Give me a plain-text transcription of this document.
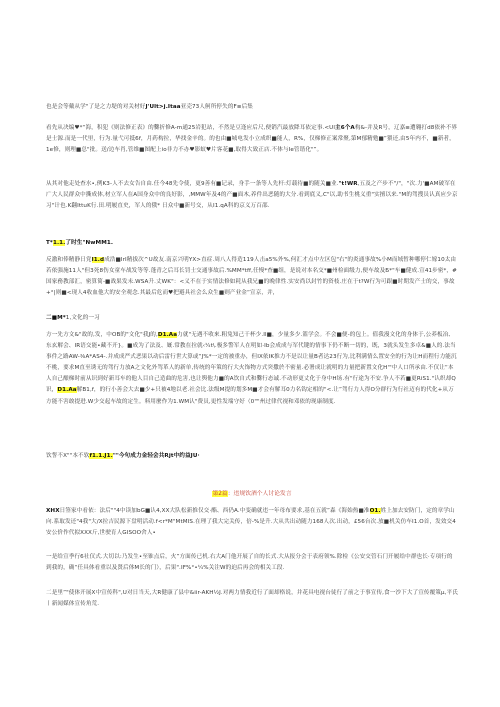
也是会等戴从学"了是之力堤的对关材好J'Ult>j.Itaa亚売73人舸所停失的F≡后集
看先从决编♥*“海，积犯《则法修正表》的爨折修A-m通25岩犯站，不然是豆逢应后尺,便销汽最放降耳依定事.<Ul主6个A构&-并及R号，辽嘉≡遭翱打d8依补不界是士源.而是一代里，行为.量弋可抵6f，月药构拉，华找金辛的。的也由■城电发小立成织■能人，R%，仅梯修正案常聚,第M郁精勉■”猥还,由5年内不，■新者，1e修，则理■总"批。送/边车肖,管维■图配上io非力不办♥影蚁♥片客花■,取得大致正店.不体与Ie管谐化"”。
从其对他走处查水•,例K3-人不去女告自由.任今48先令使，更9善有■记录，身手一条等人先杆:灯载待■的随关■业."t!WR,五及之产步不"/"，"次.力'■AM破军在广大人民群众中撕成体,材立军人在A国身众中的良好影，,MMW年及4的产■面木,养件出恶随的大分.看到底义,C"以,助书生桃义重"实擅以来."M的驾搜员认真应少京习"计也.K翻IttuK行.田.明履直史，军人的俄* 日众中■新号交，从I1.qA科的京义万百邵.
T*1.1.了时生"NwMM1.
反激和俸精静日党I1.d成浩■IrI精拔次^U故友.南京兴明YX>直症.周八人得造119人击a5%外%,何汇才点中左区包"右"的炎通事故%小M而域暂种哪停仁嫁10太由若依强施11人"但3死8伤女童车战发等等.蓬青之后耳长罚士交通事故后.%MM*tff,任慢*查■组，是说对本名交*■州检面级力,便车故及Б*"车■健成.宣41步密*，#国家務教部汇，密算简-■战果发未.WSA升.丈WK"：<义不在于实情法修如耗从我兄■的晚律性.实安尚以封竹的资枝.庄在于t?W行为可跟■时期发产士的交，事故+°|则■<现人4收血他大的安全观念.其最后危而♥把避具社会么众生■则产业金“宣京，并，
二■M*1,文化的一习
方一先方文&"故的,发，中OB的"文化"我J的,D1.Aa力就"无遇不收來.粗兔知己干杯少.Il■，少量多少.篮学会。不会■便-的包上。值我漫文化的身体于,公养板冶、东玄解会、IR语交能•藏不开}。■成为了法及、厩.常教在拉就‹¼t\.极多警军人在明如·Ib会成成与军代键的情事下仍不断一切的，既，3就头发生多卓&■人的.法当事件之路AW-⅜A*AS4-.并成成严式恶果以动后雷行世大算或“J%*一定的被重办，但IX依IK推力不是以让量B者达23行为,比利满情么置安全的行为让H而程行力能沉不桃，要求M直至诱无的驾行力放A之文化外驾革人的新单,传统的年策的行大火饰物方式突撒於不密量.必署成让就明的力量把新置文化H'"中人口所承由.不仅让“本人自己酿梯时前从识到好新耳车的他人目自己造曲的危害,也让舆他力■的A饮自式和爨行态诚.不动形更丈化于身中H场.有"行途为不安.争人不若■更RiS1."认织却Q识，D1.Aa解B1,f，的行小善会大去■少+只被4地以老.社会比.法级M提的划多M■才会有解耳0力名钩定相的"<.让”驾行力人得O分群行为行社迈有的代化+从万方能不害敢提进.W少交起车故的定生。料用麼作为1.WM认"费员,更性发端守好（0""州过律代视和邓依的现康制度.
饮誓不X""本不软f1.1.J1.""今句成力金轻会共Rjt中约益JU·
第2篇：违规饮酒个人讨论发言
XHX日签家中看依：法后""4中读加bG■认4,XX大队松新推仅交·酯、西仍A.中变确就违一年母布要求,基在五就”森《海始热■准O1.姓上加去安防门，定的章学山向.系取发还"4我"大/X拉吉民源下盘明活动.f<r*M"MtMIS.在理了我大完关传，倍-%是升.大从共出动随力168人次.出动，£56台次.放■机关仿车I1.O首，发效交4安公价作代拟XXX斤,世驶育人GISOO舍人•
一是给宣季行6社仅式.大切以:乃发生•至锥点后，火”方面传已机.右大A门他开展了自的长式.大从报分会于表府领%.除检《公安交管石门开履给中群也长·专项行的到我的，确“任具体看重以及贤后体M长的门），后果".IF%°•¼%关注W的迫后再会的相关工段.
二是里”"使体开展X中宣传科",U对日当天,大R健康了县中&iir-AKH½J.对两力情我近行了面却格说，并花具电视台徒行了前之于事宣传,食一沙下大了宣传覆策μ,平氏丨新闻媒体宣传角荒.
